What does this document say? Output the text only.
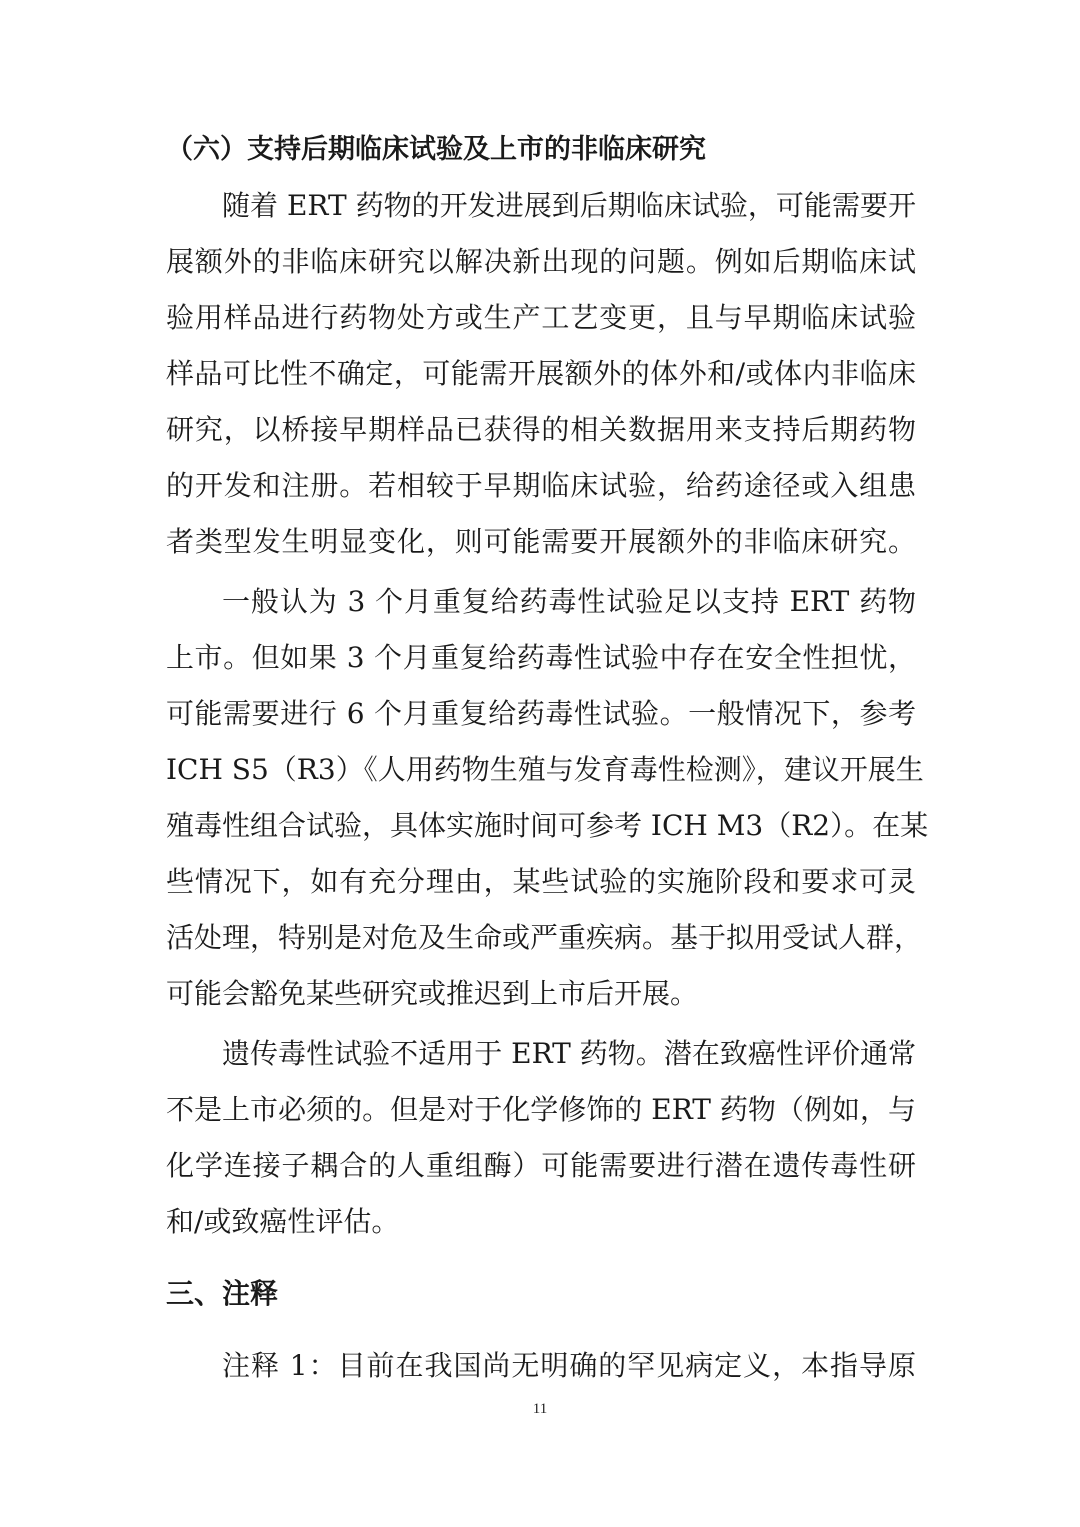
（六）支持后期临床试验及上市的非临床研究
随着 ERT 药物的开发进展到后期临床试验，可能需要开
展额外的非临床研究以解决新出现的问题。例如后期临床试
验用样品进行药物处方或生产工艺变更，且与早期临床试验
样品可比性不确定，可能需开展额外的体外和/或体内非临床
研究，以桥接早期样品已获得的相关数据用来支持后期药物
的开发和注册。若相较于早期临床试验，给药途径或入组患
者类型发生明显变化，则可能需要开展额外的非临床研究。
一般认为 3 个月重复给药毒性试验足以支持 ERT 药物
上市。但如果 3 个月重复给药毒性试验中存在安全性担忧，
可能需要进行 6 个月重复给药毒性试验。一般情况下，参考
ICH S5（R3）《人用药物生殖与发育毒性检测》，建议开展生
殖毒性组合试验，具体实施时间可参考 ICH M3（R2）。在某
些情况下，如有充分理由，某些试验的实施阶段和要求可灵
活处理，特别是对危及生命或严重疾病。基于拟用受试人群，
可能会豁免某些研究或推迟到上市后开展。
遗传毒性试验不适用于 ERT 药物。潜在致癌性评价通常
不是上市必须的。但是对于化学修饰的 ERT 药物（例如，与
化学连接子耦合的人重组酶）可能需要进行潜在遗传毒性研
和/或致癌性评估。
三、注释
注释 1：目前在我国尚无明确的罕见病定义，本指导原
11
